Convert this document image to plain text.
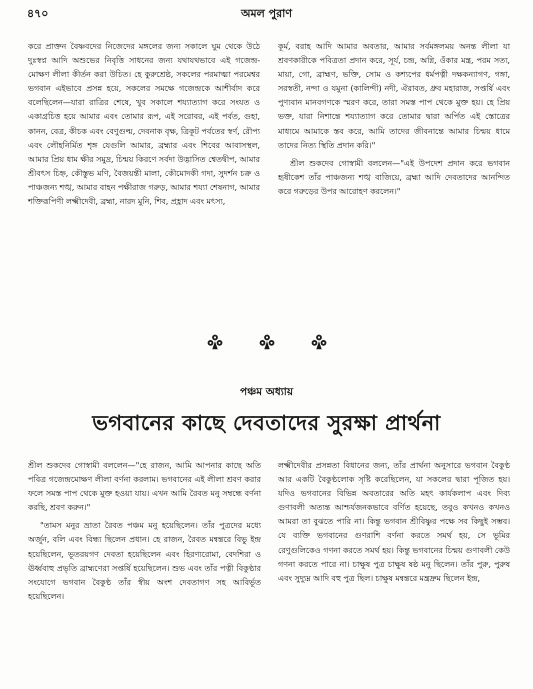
৪৭০	অমল পুরাণ

করে প্রাক্তন বৈষ্ণবদের নিজেদের মঙ্গলের জন্য সকালে ঘুম থেকে উঠে দুঃস্বপ্ন আদি অশুভের নিবৃত্তি সাধনের জন্য যথাযথভাবে এই গজেন্দ্র-মোক্ষণ লীলা কীর্তন করা উচিত। হে কুরুশ্রেষ্ঠ, সকলের পরমাত্মা পরমেশ্বর ভগবান এইভাবে প্রসন্ন হয়ে, সকলের সমক্ষে গজেন্দ্রকে আশীর্বাদ করে বলেছিলেন—যারা রাত্রির শেষে, খুব সকালে শয্যাত্যাগ করে সংযত ও একাগ্রচিত্ত হয়ে আমার এবং তোমার রূপ, এই সরোবর, এই পর্বত, গুহা, কানন, বেত্র, কীচক এবং বেণুগুল্ম, দেবনাক বৃক্ষ, ত্রিকূট পর্বতের স্বর্ণ, রৌপ্য এবং লৌহনির্মিত শৃঙ্গ যেগুলি আমার, ব্রহ্মার এবং শিবের আবাসস্থল, আমার প্রিয় ধাম ক্ষীর সমুদ্র, চিন্ময় কিরণে সর্বদা উদ্ভাসিত শ্বেতদ্বীপ, আমার শ্রীবৎস চিহ্ন, কৌস্তুভ মণি, বৈজয়ন্তী মালা, কৌমোদকী গদা, সুদর্শন চক্র ও পাঞ্চজন্য শঙ্খ, আমার বাহন পক্ষীরাজ গরুড়, আমার শয্যা শেষনাগ, আমার শক্তিরূপিণী লক্ষ্মীদেবী, ব্রহ্মা, নারদ মুনি, শিব, প্রহ্লাদ এবং মৎস্য,

কূর্ম, বরাহ আদি আমার অবতার, আমার সর্বমঙ্গলময় অনন্ত লীলা যা শ্রবণকারীকে পবিত্রতা প্রদান করে, সূর্য, চন্দ্র, অগ্নি, ওঁকার মন্ত্র, পরম সত্য, মায়া, গো, ব্রাহ্মণ, ভক্তি, সোম ও কশ্যপের ধর্মপত্নী দক্ষকন্যাগণ, গঙ্গা, সরস্বতী, নন্দা ও যমুনা (কালিন্দী) নদী, ঐরাবত, ধ্রুব মহারাজ, সপ্তর্ষি এবং পুণ্যবান মানবগণকে স্মরণ করে, তারা সমস্ত পাপ থেকে মুক্ত হয়। হে প্রিয় ভক্ত, যারা নিশান্তে শয্যাত্যাগ করে তোমার দ্বারা অর্পিত এই স্তোত্রের মাধ্যমে আমাকে স্তব করে, আমি তাদের জীবনান্তে আমার চিন্ময় ধামে তাদের নিত্য স্থিতি প্রদান করি।"

শ্রীল শুকদেব গোস্বামী বললেন—"এই উপদেশ প্রদান করে ভগবান হৃষীকেশ তাঁর পাঞ্চজন্য শঙ্খ বাজিয়ে, ব্রহ্মা আদি দেবতাদের আনন্দিত করে গরুড়ের উপর আরোহণ করলেন।"

পঞ্চম অধ্যায়
ভগবানের কাছে দেবতাদের সুরক্ষা প্রার্থনা

শ্রীল শুকদেব গোস্বামী বললেন—"হে রাজন, আমি আপনার কাছে অতি পবিত্র গজেন্দ্রমোক্ষণ লীলা বর্ণনা করলাম। ভগবানের এই লীলা শ্রবণ করার ফলে সমস্ত পাপ থেকে মুক্ত হওয়া যায়। এখন আমি রৈবত মনু সম্বন্ধে বর্ণনা করছি, শ্রবণ করুন।"

"তামস মনুর ভ্রাতা রৈবত পঞ্চম মনু হয়েছিলেন। তাঁর পুত্রদের মধ্যে অর্জুন, বলি এবং বিন্ধ্য ছিলেন প্রধান। হে রাজন, রৈবত মন্বন্তরে বিভু ইন্দ্র হয়েছিলেন, ভূতরয়গণ দেবতা হয়েছিলেন এবং হিরণ্যরোমা, বেদশিরা ও ঊর্ধ্ববাহু প্রভৃতি ব্রাহ্মণেরা সপ্তর্ষি হয়েছিলেন। শুভ এবং তাঁর পত্নী বিকুণ্ঠার সংযোগে ভগবান বৈকুণ্ঠ তাঁর স্বীয় অংশ দেবতাগণ সহ আবির্ভূত হয়েছিলেন।

লক্ষ্মীদেবীর প্রসন্নতা বিধানের জন্য, তাঁর প্রার্থনা অনুসারে ভগবান বৈকুণ্ঠ আর একটি বৈকুণ্ঠলোক সৃষ্টি করেছিলেন, যা সকলের দ্বারা পূজিত হয়। যদিও ভগবানের বিভিন্ন অবতারের অতি মহৎ কার্যকলাপ এবং দিব্য গুণাবলী অত্যন্ত আশ্চর্যজনকভাবে বর্ণিত হয়েছে, তবুও কখনও কখনও আমরা তা বুঝতে পারি না। কিন্তু ভগবান শ্রীবিষ্ণুর পক্ষে সব কিছুই সম্ভব। যে ব্যক্তি ভগবানের গুণরাশি বর্ণনা করতে সমর্থ হয়, সে ভূমির রেণুগুলিকেও গণনা করতে সমর্থ হয়। কিন্তু ভগবানের চিন্ময় গুণাবলী কেউ গণনা করতে পারে না। চাক্ষুষ পুত্র চাক্ষুষ ষষ্ঠ মনু ছিলেন। তাঁর পুরু, পুরুষ এবং সুদ্যুম্ন আদি বহু পুত্র ছিল। চাক্ষুষ মন্বন্তরে মন্ত্রদ্রুম ছিলেন ইন্দ্র,
